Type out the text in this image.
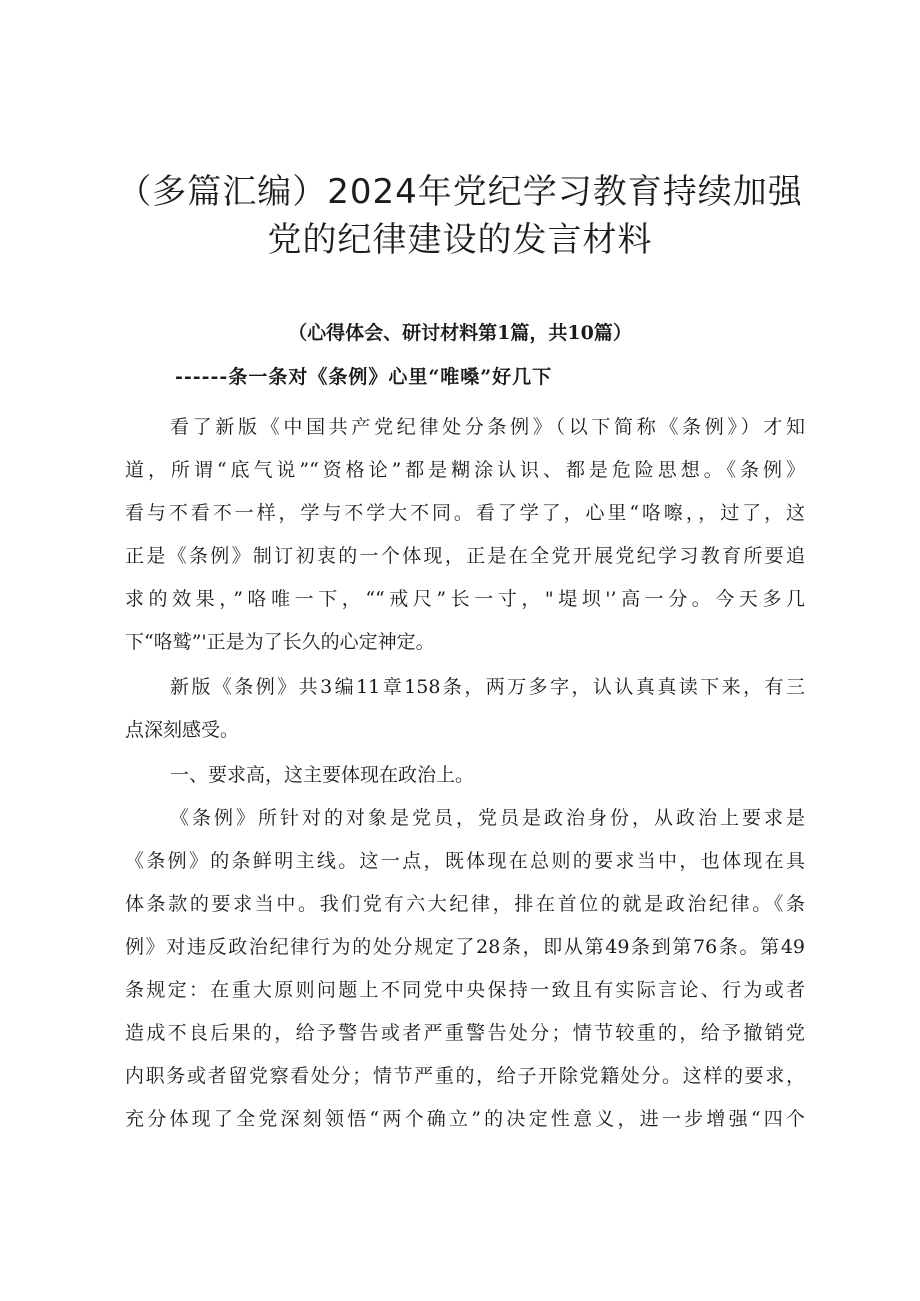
（多篇汇编）2024年党纪学习教育持续加强
党的纪律建设的发言材料
（心得体会、研讨材料第1篇，共10篇）
------条一条对《条例》心里“唯嗓”好几下
看了新版《中国共产党纪律处分条例》（以下简称《条例》）才知
道，所谓“底气说”“资格论”都是糊涂认识、都是危险思想。《条例》
看与不看不一样，学与不学大不同。看了学了，心里“咯嚓，，过了，这
正是《条例》制订初衷的一个体现，正是在全党开展党纪学习教育所要追
求的效果，”咯唯一下，““戒尺”长一寸，"堤坝'’高一分。今天多几
下“咯鹫”'正是为了长久的心定神定。
新版《条例》共3编11章158条，两万多字，认认真真读下来，有三
点深刻感受。
一、要求高，这主要体现在政治上。
《条例》所针对的对象是党员，党员是政治身份，从政治上要求是
《条例》的条鲜明主线。这一点，既体现在总则的要求当中，也体现在具
体条款的要求当中。我们党有六大纪律，排在首位的就是政治纪律。《条
例》对违反政治纪律行为的处分规定了28条，即从第49条到第76条。第49
条规定：在重大原则问题上不同党中央保持一致且有实际言论、行为或者
造成不良后果的，给予警告或者严重警告处分；情节较重的，给予撤销党
内职务或者留党察看处分；情节严重的，给子开除党籍处分。这样的要求，
充分体现了全党深刻领悟“两个确立”的决定性意义，进一步增强“四个
